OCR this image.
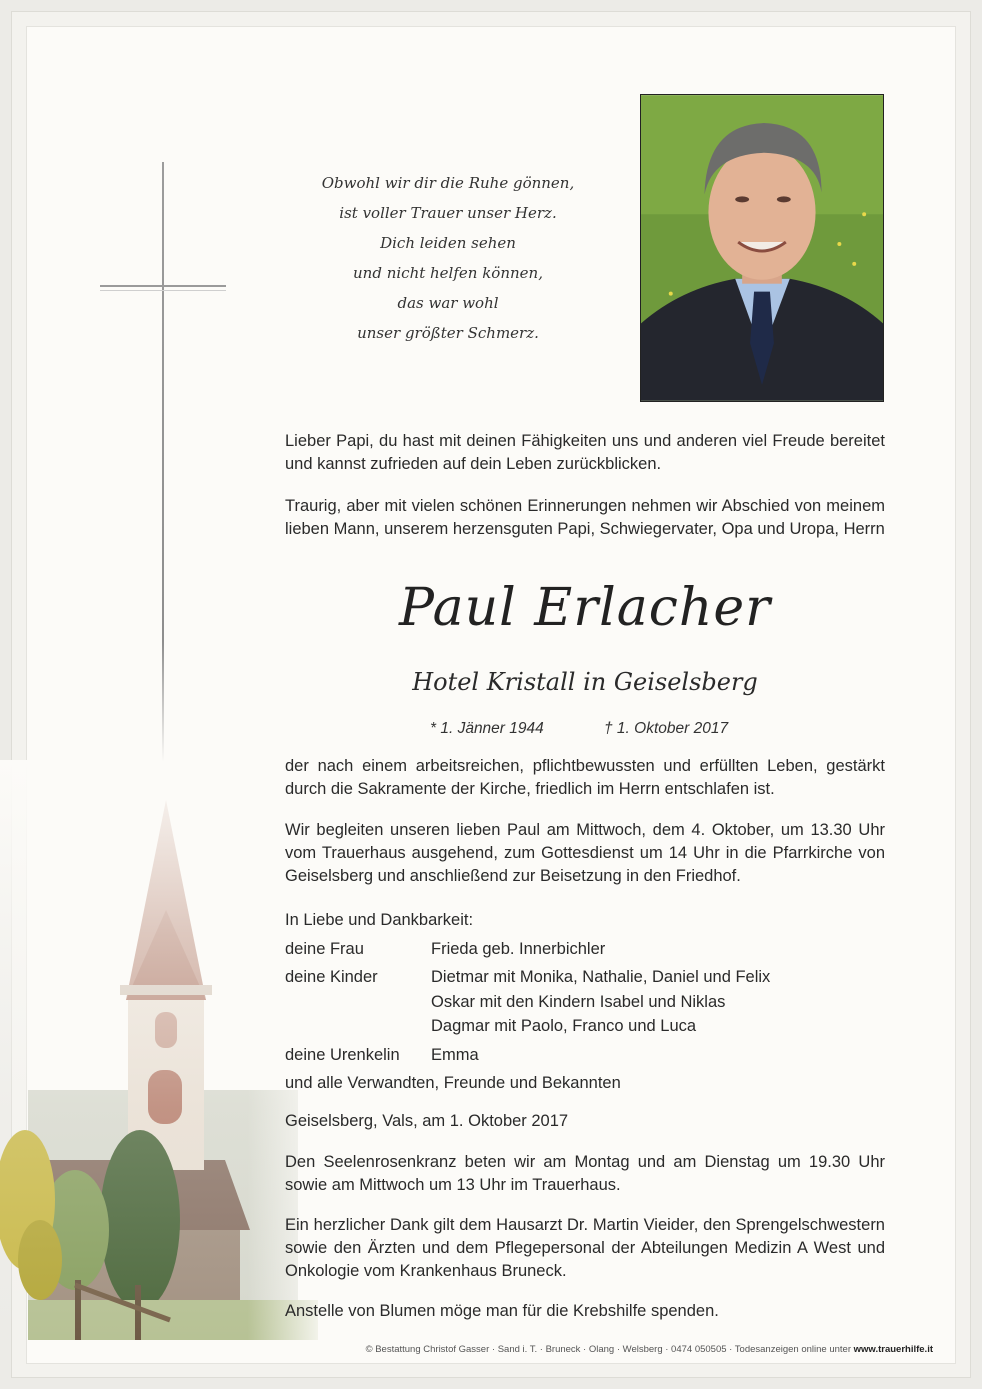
Obwohl wir dir die Ruhe gönnen,
ist voller Trauer unser Herz.
Dich leiden sehen
und nicht helfen können,
das war wohl
unser größter Schmerz.
Lieber Papi, du hast mit deinen Fähigkeiten uns und anderen viel Freude bereitet und kannst zufrieden auf dein Leben zurückblicken.
Traurig, aber mit vielen schönen Erinnerungen nehmen wir Abschied von meinem lieben Mann, unserem herzensguten Papi, Schwiegervater, Opa und Uropa, Herrn
Paul Erlacher
Hotel Kristall in Geiselsberg
* 1. Jänner 1944	† 1. Oktober 2017
der nach einem arbeitsreichen, pflichtbewussten und erfüllten Leben, gestärkt durch die Sakramente der Kirche, friedlich im Herrn entschlafen ist.
Wir begleiten unseren lieben Paul am Mittwoch, dem 4. Oktober, um 13.30 Uhr vom Trauerhaus ausgehend, zum Gottesdienst um 14 Uhr in die Pfarrkirche von Geiselsberg und anschließend zur Beisetzung in den Friedhof.
In Liebe und Dankbarkeit:
deine Frau	Frieda geb. Innerbichler
deine Kinder	Dietmar mit Monika, Nathalie, Daniel und Felix
Oskar mit den Kindern Isabel und Niklas
Dagmar mit Paolo, Franco und Luca
deine Urenkelin	Emma
und alle Verwandten, Freunde und Bekannten
Geiselsberg, Vals, am 1. Oktober 2017
Den Seelenrosenkranz beten wir am Montag und am Dienstag um 19.30 Uhr sowie am Mittwoch um 13 Uhr im Trauerhaus.
Ein herzlicher Dank gilt dem Hausarzt Dr. Martin Vieider, den Sprengelschwestern sowie den Ärzten und dem Pflegepersonal der Abteilungen Medizin A West und Onkologie vom Krankenhaus Bruneck.
Anstelle von Blumen möge man für die Krebshilfe spenden.
© Bestattung Christof Gasser · Sand i. T. · Bruneck · Olang · Welsberg · 0474 050505 · Todesanzeigen online unter www.trauerhilfe.it
